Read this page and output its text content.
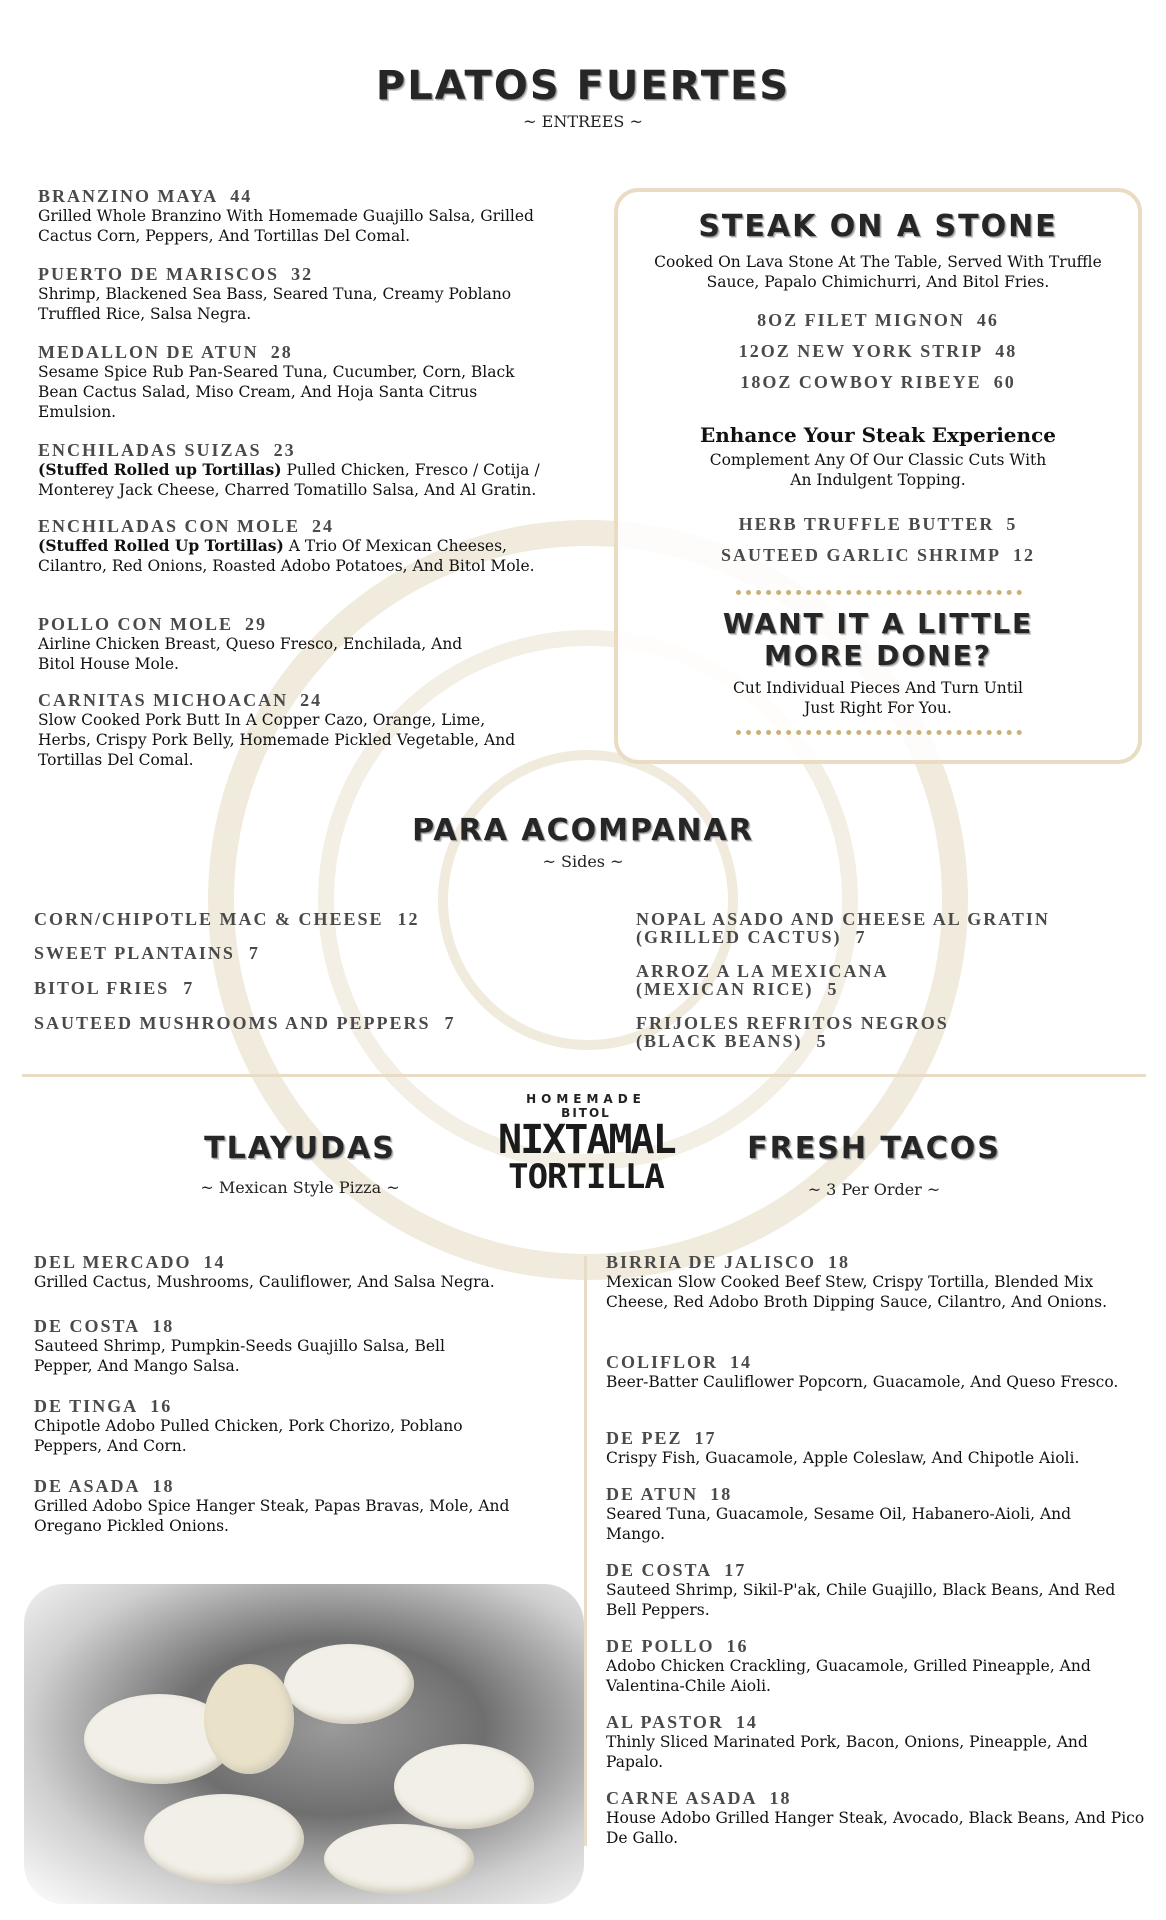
PLATOS FUERTES
~ ENTREES ~
BRANZINO MAYA 44
Grilled Whole Branzino With Homemade Guajillo Salsa, Grilled Cactus Corn, Peppers, And Tortillas Del Comal.
PUERTO DE MARISCOS 32
Shrimp, Blackened Sea Bass, Seared Tuna, Creamy Poblano Truffled Rice, Salsa Negra.
MEDALLON DE ATUN 28
Sesame Spice Rub Pan-Seared Tuna, Cucumber, Corn, Black Bean Cactus Salad, Miso Cream, And Hoja Santa Citrus Emulsion.
ENCHILADAS SUIZAS 23
(Stuffed Rolled up Tortillas) Pulled Chicken, Fresco / Cotija / Monterey Jack Cheese, Charred Tomatillo Salsa, And Al Gratin.
ENCHILADAS CON MOLE 24
(Stuffed Rolled Up Tortillas) A Trio Of Mexican Cheeses, Cilantro, Red Onions, Roasted Adobo Potatoes, And Bitol Mole.
POLLO CON MOLE 29
Airline Chicken Breast, Queso Fresco, Enchilada, And Bitol House Mole.
CARNITAS MICHOACAN 24
Slow Cooked Pork Butt In A Copper Cazo, Orange, Lime, Herbs, Crispy Pork Belly, Homemade Pickled Vegetable, And Tortillas Del Comal.
STEAK ON A STONE
Cooked On Lava Stone At The Table, Served With Truffle Sauce, Papalo Chimichurri, And Bitol Fries.
8OZ FILET MIGNON 46
12OZ NEW YORK STRIP 48
18OZ COWBOY RIBEYE 60
Enhance Your Steak Experience
Complement Any Of Our Classic Cuts With An Indulgent Topping.
HERB TRUFFLE BUTTER 5
SAUTEED GARLIC SHRIMP 12
WANT IT A LITTLE MORE DONE?
Cut Individual Pieces And Turn Until Just Right For You.
PARA ACOMPANAR
~ Sides ~
CORN/CHIPOTLE MAC & CHEESE 12
SWEET PLANTAINS 7
BITOL FRIES 7
SAUTEED MUSHROOMS AND PEPPERS 7
NOPAL ASADO AND CHEESE AL GRATIN
(GRILLED CACTUS) 7
ARROZ A LA MEXICANA
(MEXICAN RICE) 5
FRIJOLES REFRITOS NEGROS
(BLACK BEANS) 5
HOMEMADE
BITOL
NIXTAMAL
TORTILLA
TLAYUDAS
~ Mexican Style Pizza ~
DEL MERCADO 14
Grilled Cactus, Mushrooms, Cauliflower, And Salsa Negra.
DE COSTA 18
Sauteed Shrimp, Pumpkin-Seeds Guajillo Salsa, Bell Pepper, And Mango Salsa.
DE TINGA 16
Chipotle Adobo Pulled Chicken, Pork Chorizo, Poblano Peppers, And Corn.
DE ASADA 18
Grilled Adobo Spice Hanger Steak, Papas Bravas, Mole, And Oregano Pickled Onions.
FRESH TACOS
~ 3 Per Order ~
BIRRIA DE JALISCO 18
Mexican Slow Cooked Beef Stew, Crispy Tortilla, Blended Mix Cheese, Red Adobo Broth Dipping Sauce, Cilantro, And Onions.
COLIFLOR 14
Beer-Batter Cauliflower Popcorn, Guacamole, And Queso Fresco.
DE PEZ 17
Crispy Fish, Guacamole, Apple Coleslaw, And Chipotle Aioli.
DE ATUN 18
Seared Tuna, Guacamole, Sesame Oil, Habanero-Aioli, And Mango.
DE COSTA 17
Sauteed Shrimp, Sikil-P'ak, Chile Guajillo, Black Beans, And Red Bell Peppers.
DE POLLO 16
Adobo Chicken Crackling, Guacamole, Grilled Pineapple, And Valentina-Chile Aioli.
AL PASTOR 14
Thinly Sliced Marinated Pork, Bacon, Onions, Pineapple, And Papalo.
CARNE ASADA 18
House Adobo Grilled Hanger Steak, Avocado, Black Beans, And Pico De Gallo.
